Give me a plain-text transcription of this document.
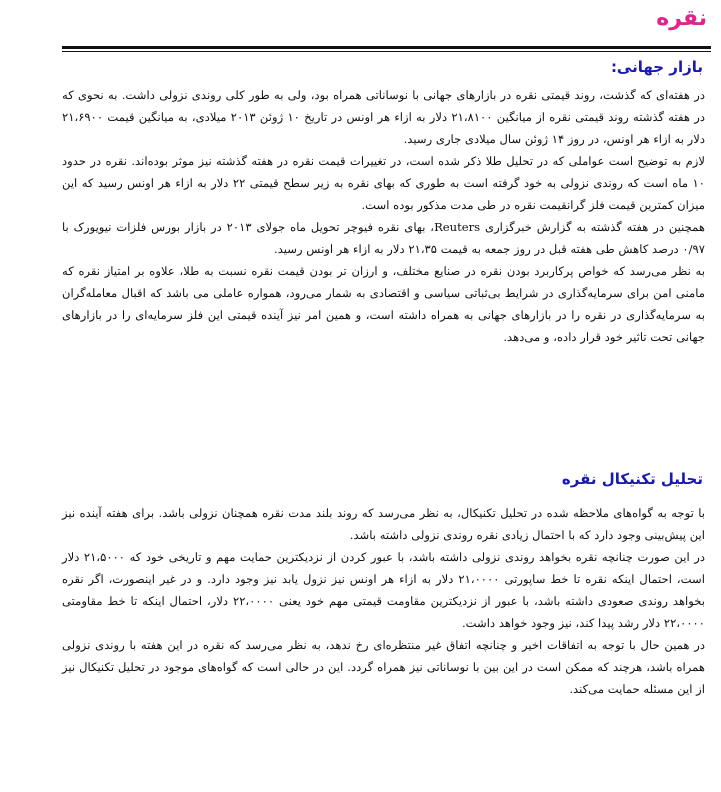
نقره
بازار جهانی:

در هفته‌ای که گذشت، روند قیمتی نقره در بازارهای جهانی با نوساناتی همراه بود، ولی به طور کلی روندی نزولی داشت. به نحوی که در هفته گذشته روند قیمتی نقره از میانگین ۲۱،۸۱۰۰ دلار به ازاء هر اونس در تاریخ ۱۰ ژوئن ۲۰۱۳ میلادی، به میانگین قیمت ۲۱،۶۹۰۰ دلار به ازاء هر اونس، در روز ۱۴ ژوئن سال میلادی جاری رسید.

لازم به توضیح است عواملی که در تحلیل طلا ذکر شده است، در تغییرات قیمت نقره در هفته گذشته نیز موثر بوده‌اند. نقره در حدود ۱۰ ماه است که روندی نزولی به خود گرفته است به طوری که بهای نقره به زیر سطح قیمتی ۲۲ دلار به ازاء هر اونس رسید که این میزان کمترین قیمت فلز گرانقیمت نقره در طی مدت مذکور بوده است.

همچنین در هفته گذشته به گزارش خبرگزاری Reuters، بهای نقره فیوچر تحویل ماه جولای ۲۰۱۳ در بازار بورس فلزات نیویورک با ۰/۹۷ درصد کاهش طی هفته قبل در روز جمعه به قیمت ۲۱،۳۵ دلار به ازاء هر اونس رسید.

به نظر می‌رسد که خواص پرکاربرد بودن نقره در صنایع مختلف، و ارزان تر بودن قیمت نقره نسبت به طلا، علاوه بر امتیاز نقره که مامنی امن برای سرمایه‌گذاری در شرایط بی‌ثباتی سیاسی و اقتصادی به شمار می‌رود، همواره عاملی می باشد که اقبال معامله‌گران به سرمایه‌گذاری در نقره را در بازارهای جهانی به همراه داشته است، و همین امر نیز آینده قیمتی این فلز سرمایه‌ای را در بازارهای جهانی تحت تاثیر خود قرار داده، و می‌دهد.

تحلیل تکنیکال نقره

با توجه به گواه‌های ملاحظه شده در تحلیل تکنیکال، به نظر می‌رسد که روند بلند مدت نقره همچنان نزولی باشد. برای هفته آینده نیز این پیش‌بینی وجود دارد که با احتمال زیادی نقره روندی نزولی داشته باشد.

در این صورت چنانچه نقره بخواهد روندی نزولی داشته باشد، با عبور کردن از نزدیکترین حمایت مهم و تاریخی خود که ۲۱،۵۰۰۰ دلار است، احتمال اینکه نقره تا خط ساپورتی ۲۱،۰۰۰۰ دلار به ازاء هر اونس نیز نزول یابد نیز وجود دارد. و در غیر اینصورت، اگر نقره بخواهد روندی صعودی داشته باشد، با عبور از نزدیکترین مقاومت قیمتی مهم خود یعنی ۲۲،۰۰۰۰ دلار، احتمال اینکه تا خط مقاومتی ۲۲،۰۰۰۰ دلار رشد پیدا کند، نیز وجود خواهد داشت.

در همین حال با توجه به اتفاقات اخیر و چنانچه اتفاق غیر منتظره‌ای رخ ندهد، به نظر می‌رسد که نقره در این هفته با روندی نزولی همراه باشد، هرچند که ممکن است در این بین با نوساناتی نیز همراه گردد. این در حالی است که گواه‌های موجود در تحلیل تکنیکال نیز از این مسئله حمایت می‌کند.
